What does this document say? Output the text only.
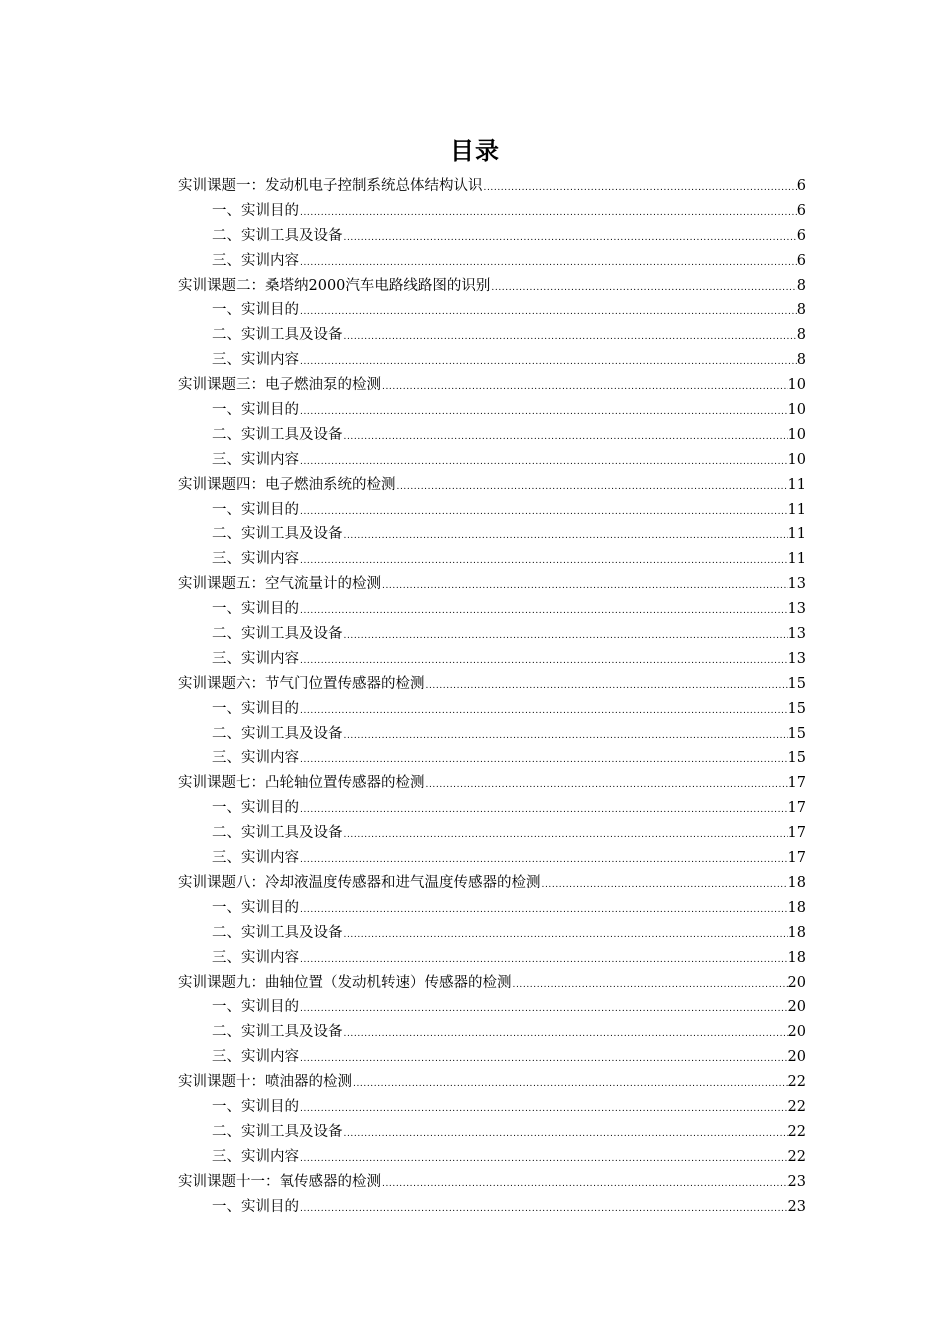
目录
实训课题一：发动机电子控制系统总体结构认识 .....	6
一、实训目的 .....	6
二、实训工具及设备 .....	6
三、实训内容 .....	6
实训课题二：桑塔纳2000汽车电路线路图的识别 .....	8
一、实训目的 .....	8
二、实训工具及设备 .....	8
三、实训内容 .....	8
实训课题三：电子燃油泵的检测 .....	10
一、实训目的 .....	10
二、实训工具及设备 .....	10
三、实训内容 .....	10
实训课题四：电子燃油系统的检测 .....	11
一、实训目的 .....	11
二、实训工具及设备 .....	11
三、实训内容 .....	11
实训课题五：空气流量计的检测 .....	13
一、实训目的 .....	13
二、实训工具及设备 .....	13
三、实训内容 .....	13
实训课题六：节气门位置传感器的检测 .....	15
一、实训目的 .....	15
二、实训工具及设备 .....	15
三、实训内容 .....	15
实训课题七：凸轮轴位置传感器的检测 .....	17
一、实训目的 .....	17
二、实训工具及设备 .....	17
三、实训内容 .....	17
实训课题八：冷却液温度传感器和进气温度传感器的检测 .....	18
一、实训目的 .....	18
二、实训工具及设备 .....	18
三、实训内容 .....	18
实训课题九：曲轴位置（发动机转速）传感器的检测 .....	20
一、实训目的 .....	20
二、实训工具及设备 .....	20
三、实训内容 .....	20
实训课题十：喷油器的检测 .....	22
一、实训目的 .....	22
二、实训工具及设备 .....	22
三、实训内容 .....	22
实训课题十一：氧传感器的检测 .....	23
一、实训目的 .....	23
